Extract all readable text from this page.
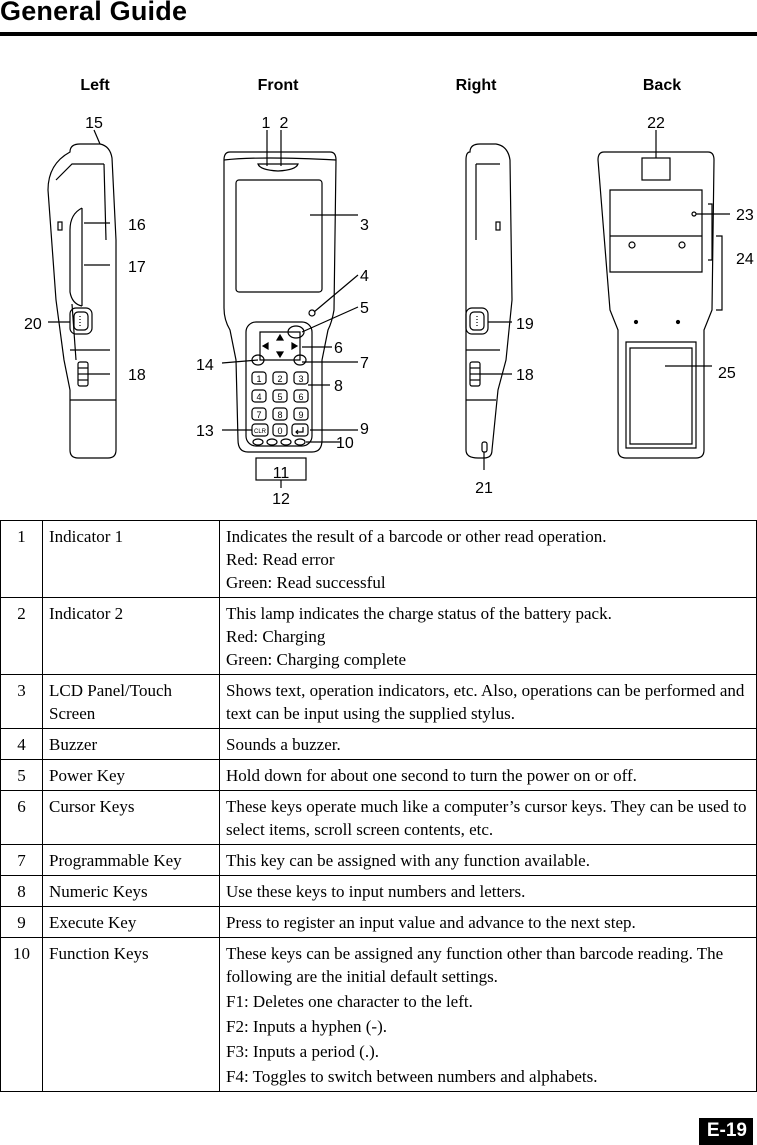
General Guide
Left	Front	Right	Back
15
16
17
20
18	1 2 3
4 5 6
7 8 9
CLR 0
1 2
3
4
5
6
7
8
9
10
14
13
11
12
19
18
21
22
23
24
25
1	Indicator 1	Indicates the result of a barcode or other read operation.
Red: Read error
Green: Read successful

2	Indicator 2	This lamp indicates the charge status of the battery pack.
Red: Charging
Green: Charging complete

3	LCD Panel/Touch Screen	Shows text, operation indicators, etc. Also, operations can be performed and text can be input using the supplied stylus.

4	Buzzer	Sounds a buzzer.

5	Power Key	Hold down for about one second to turn the power on or off.

6	Cursor Keys	These keys operate much like a computer’s cursor keys. They can be used to select items, scroll screen contents, etc.

7	Programmable Key	This key can be assigned with any function available.

8	Numeric Keys	Use these keys to input numbers and letters.

9	Execute Key	Press to register an input value and advance to the next step.

10	Function Keys	These keys can be assigned any function other than barcode reading. The following are the initial default settings.
F1: Deletes one character to the left.
F2: Inputs a hyphen (-).
F3: Inputs a period (.).
F4: Toggles to switch between numbers and alphabets.
E-19
